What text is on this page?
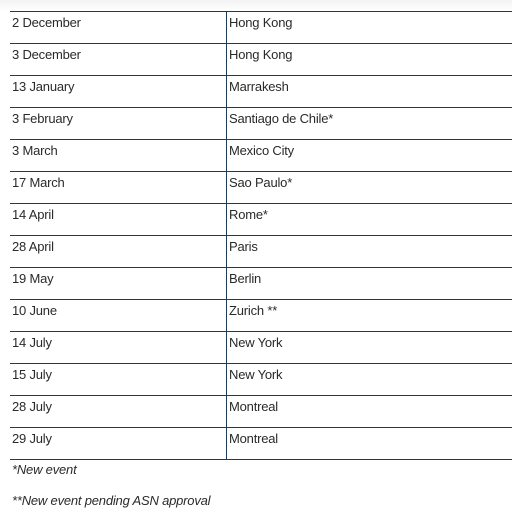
2 December	Hong Kong
3 December	Hong Kong
13 January	Marrakesh
3 February	Santiago de Chile*
3 March	Mexico City
17 March	Sao Paulo*
14 April	Rome*
28 April	Paris
19 May	Berlin
10 June	Zurich **
14 July	New York
15 July	New York
28 July	Montreal
29 July	Montreal
*New event
**New event pending ASN approval
